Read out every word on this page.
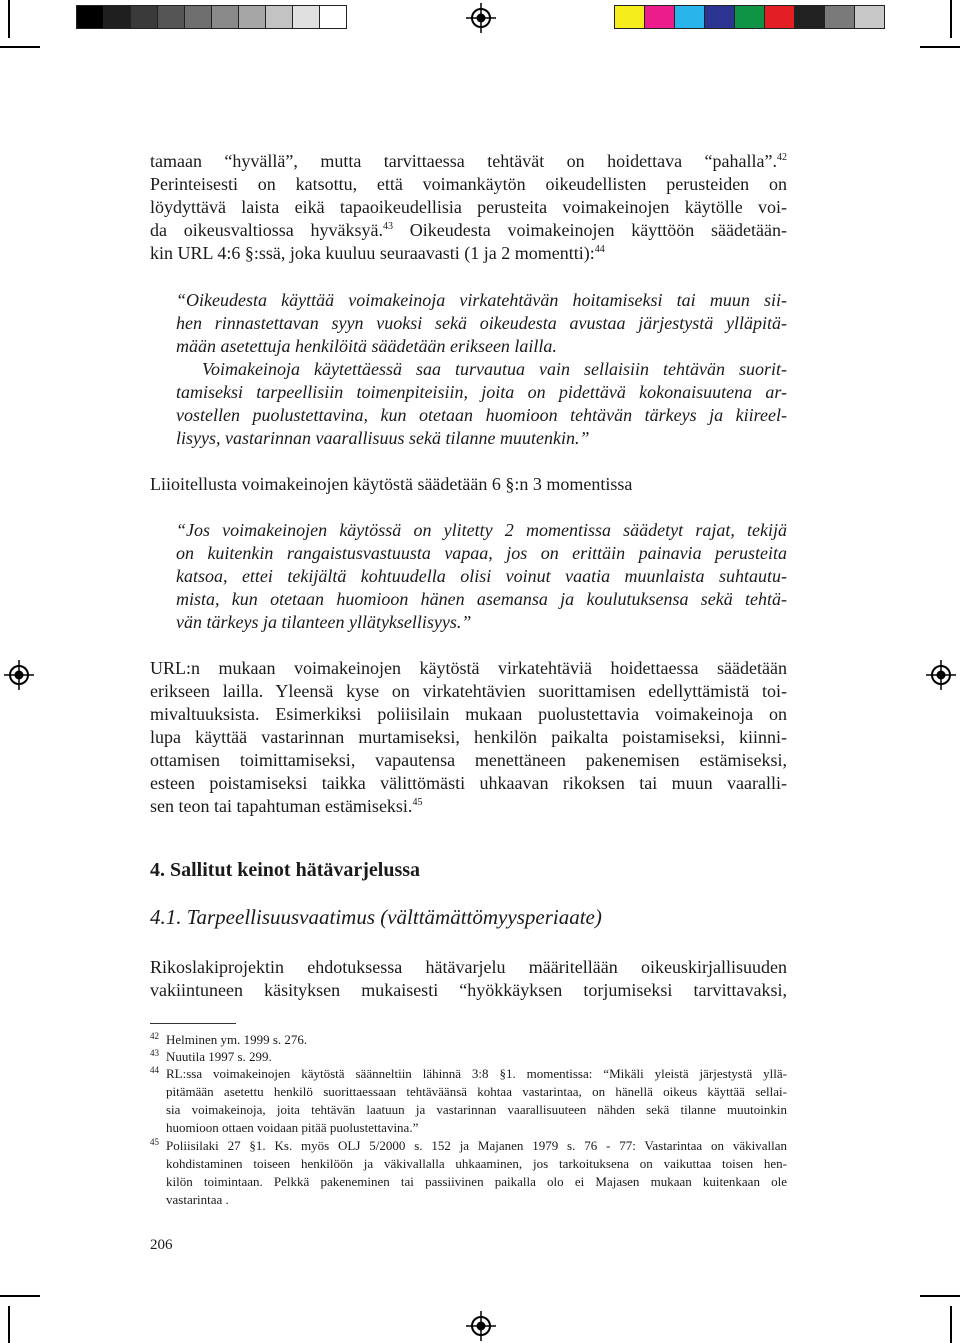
tamaan “hyvällä”, mutta tarvittaessa tehtävät on hoidettava “pahalla”.$^{42}$
Perinteisesti on katsottu, että voimankäytön oikeudellisten perusteiden on
löydyttävä laista eikä tapaoikeudellisia perusteita voimakeinojen käytölle voi-
da oikeusvaltiossa hyväksyä.$^{43}$ Oikeudesta voimakeinojen käyttöön säädetään-
kin URL 4:6 §:ssä, joka kuuluu seuraavasti (1 ja 2 momentti):$^{44}$
“Oikeudesta käyttää voimakeinoja virkatehtävän hoitamiseksi tai muun sii-
hen rinnastettavan syyn vuoksi sekä oikeudesta avustaa järjestystä ylläpitä-
mään asetettuja henkilöitä säädetään erikseen lailla.
Voimakeinoja käytettäessä saa turvautua vain sellaisiin tehtävän suorit-
tamiseksi tarpeellisiin toimenpiteisiin, joita on pidettävä kokonaisuutena ar-
vostellen puolustettavina, kun otetaan huomioon tehtävän tärkeys ja kiireel-
lisyys, vastarinnan vaarallisuus sekä tilanne muutenkin.”
Liioitellusta voimakeinojen käytöstä säädetään 6 §:n 3 momentissa
“Jos voimakeinojen käytössä on ylitetty 2 momentissa säädetyt rajat, tekijä
on kuitenkin rangaistusvastuusta vapaa, jos on erittäin painavia perusteita
katsoa, ettei tekijältä kohtuudella olisi voinut vaatia muunlaista suhtautu-
mista, kun otetaan huomioon hänen asemansa ja koulutuksensa sekä tehtä-
vän tärkeys ja tilanteen yllätyksellisyys.”
URL:n mukaan voimakeinojen käytöstä virkatehtäviä hoidettaessa säädetään
erikseen lailla. Yleensä kyse on virkatehtävien suorittamisen edellyttämistä toi-
mivaltuuksista. Esimerkiksi poliisilain mukaan puolustettavia voimakeinoja on
lupa käyttää vastarinnan murtamiseksi, henkilön paikalta poistamiseksi, kiinni-
ottamisen toimittamiseksi, vapautensa menettäneen pakenemisen estämiseksi,
esteen poistamiseksi taikka välittömästi uhkaavan rikoksen tai muun vaaralli-
sen teon tai tapahtuman estämiseksi.$^{45}$
4. Sallitut keinot hätävarjelussa
4.1. Tarpeellisuusvaatimus (välttämättömyysperiaate)
Rikoslakiprojektin ehdotuksessa hätävarjelu määritellään oikeuskirjallisuuden
vakiintuneen käsityksen mukaisesti “hyökkäyksen torjumiseksi tarvittavaksi,
42 Helminen ym. 1999 s. 276.
43 Nuutila 1997 s. 299.
44 RL:ssa voimakeinojen käytöstä säänneltiin lähinnä 3:8 §1. momentissa: “Mikäli yleistä järjestystä yllä-
pitämään asetettu henkilö suorittaessaan tehtäväänsä kohtaa vastarintaa, on hänellä oikeus käyttää sellai-
sia voimakeinoja, joita tehtävän laatuun ja vastarinnan vaarallisuuteen nähden sekä tilanne muutoinkin
huomioon ottaen voidaan pitää puolustettavina.”
45 Poliisilaki 27 §1. Ks. myös OLJ 5/2000 s. 152 ja Majanen 1979 s. 76 - 77: Vastarintaa on väkivallan
kohdistaminen toiseen henkilöön ja väkivallalla uhkaaminen, jos tarkoituksena on vaikuttaa toisen hen-
kilön toimintaan. Pelkkä pakeneminen tai passiivinen paikalla olo ei Majasen mukaan kuitenkaan ole
vastarintaa .
206
